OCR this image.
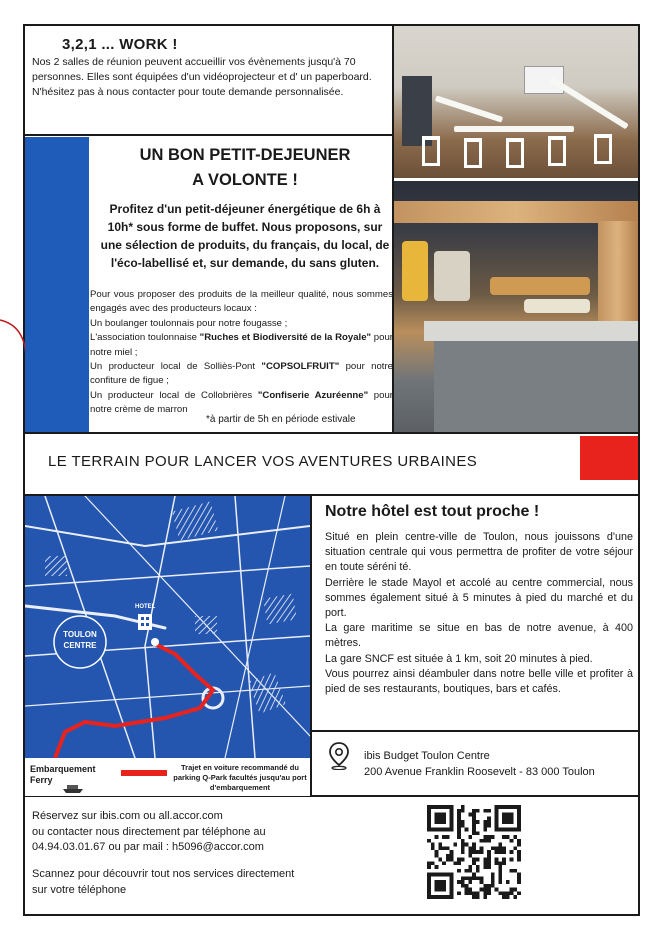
3,2,1 ... WORK !
Nos 2 salles de réunion peuvent accueillir vos évènements jusqu'à 70 personnes. Elles sont équipées d'un vidéoprojecteur et d' un paperboard.
N'hésitez pas à nous contacter pour toute demande personnalisée.
UN BON PETIT-DEJEUNER
A VOLONTE !
Profitez d'un petit-déjeuner énergétique de 6h à 10h* sous forme de buffet. Nous proposons, sur une sélection de produits, du français, du local, de l'éco-labellisé et, sur demande, du sans gluten.
Pour vous proposer des produits de la meilleur qualité, nous sommes engagés avec des producteurs locaux :
Un boulanger toulonnais pour notre fougasse ;
L'association toulonnaise "Ruches et Biodiversité de la Royale" pour notre miel ;
Un producteur local de Solliès-Pont "COPSOLFRUIT" pour notre confiture de figue ;
Un producteur local de Collobrières "Confiserie Azuréenne" pour notre crème de marron
*à partir de 5h en période estivale
LE TERRAIN POUR LANCER VOS AVENTURES URBAINES
HOTEL
TOULON
CENTRE
Embarquement
Ferry
Trajet en voiture recommandé du parking Q-Park facultés jusqu'au port d'embarquement
Notre hôtel est tout proche !
Situé en plein centre-ville de Toulon, nous jouissons d'une situation centrale qui vous permettra de profiter de votre séjour en toute séréni té.
Derrière le stade Mayol et accolé au centre commercial, nous sommes également situé à 5 minutes à pied du marché et du port.
La gare maritime se situe en bas de notre avenue, à 400 mètres.
La gare SNCF est située à 1 km, soit 20 minutes à pied.
Vous pourrez ainsi déambuler dans notre belle ville et profiter à pied de ses restaurants, boutiques, bars et cafés.
ibis Budget Toulon Centre
200 Avenue Franklin Roosevelt - 83 000 Toulon
Réservez sur ibis.com ou all.accor.com
ou contacter nous directement par téléphone au
04.94.03.01.67 ou par mail : h5096@accor.com
Scannez pour découvrir tout nos services directement
sur votre téléphone
